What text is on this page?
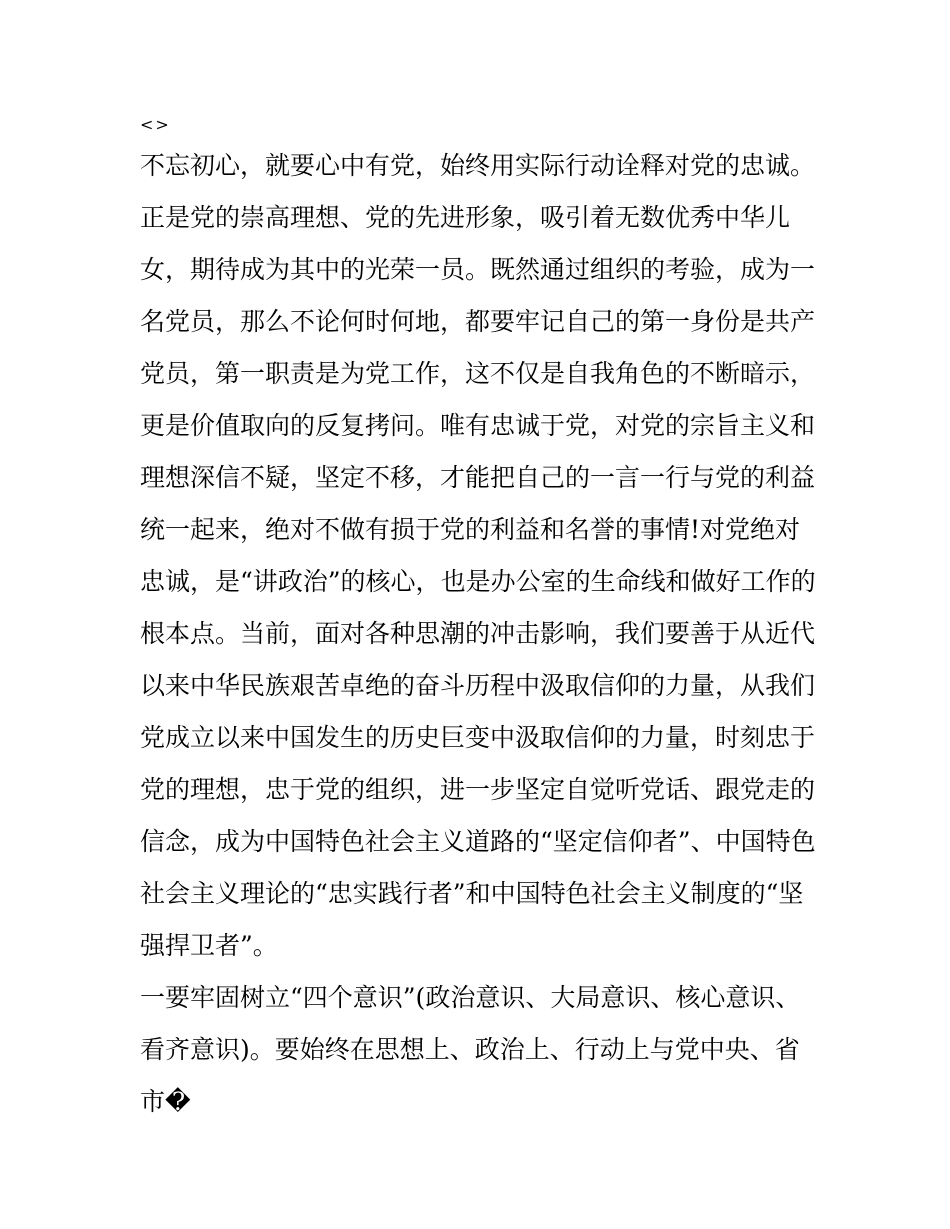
<>
不忘初心，就要心中有党，始终用实际行动诠释对党的忠诚。
正是党的崇高理想、党的先进形象，吸引着无数优秀中华儿
女，期待成为其中的光荣一员。既然通过组织的考验，成为一
名党员，那么不论何时何地，都要牢记自己的第一身份是共产
党员，第一职责是为党工作，这不仅是自我角色的不断暗示，
更是价值取向的反复拷问。唯有忠诚于党，对党的宗旨主义和
理想深信不疑，坚定不移，才能把自己的一言一行与党的利益
统一起来，绝对不做有损于党的利益和名誉的事情!对党绝对
忠诚，是“讲政治”的核心，也是办公室的生命线和做好工作的
根本点。当前，面对各种思潮的冲击影响，我们要善于从近代
以来中华民族艰苦卓绝的奋斗历程中汲取信仰的力量，从我们
党成立以来中国发生的历史巨变中汲取信仰的力量，时刻忠于
党的理想，忠于党的组织，进一步坚定自觉听党话、跟党走的
信念，成为中国特色社会主义道路的“坚定信仰者”、中国特色
社会主义理论的“忠实践行者”和中国特色社会主义制度的“坚
强捍卫者”。
一要牢固树立“四个意识”(政治意识、大局意识、核心意识、
看齐意识)。要始终在思想上、政治上、行动上与党中央、省
市�
